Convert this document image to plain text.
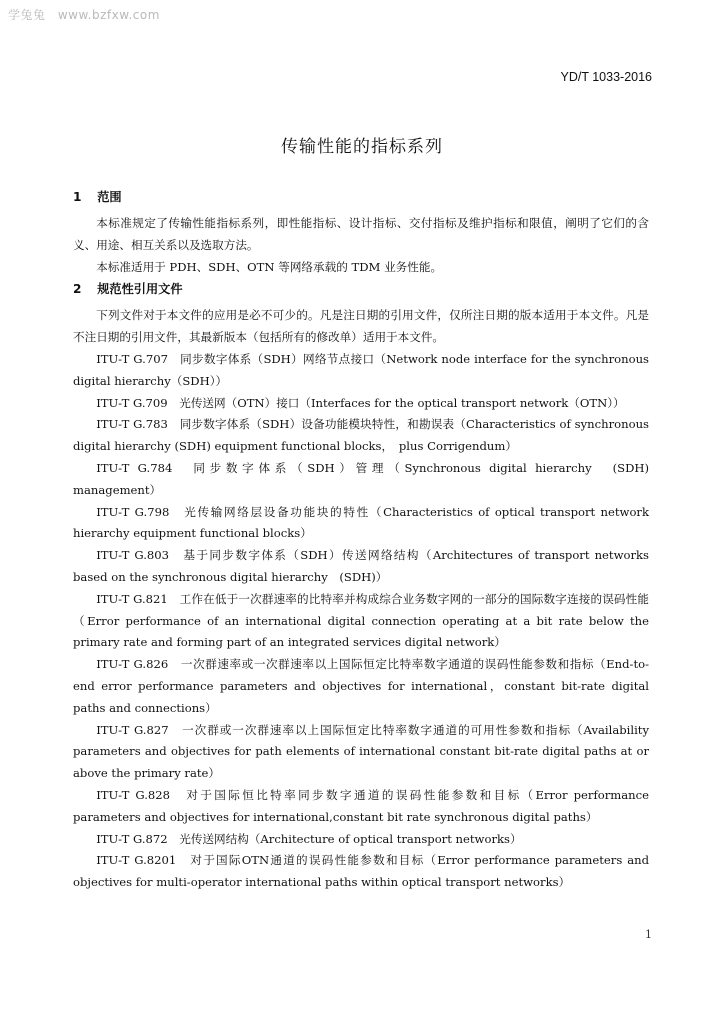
学兔兔 www.bzfxw.com
YD/T 1033-2016
传输性能的指标系列
1 范围

本标准规定了传输性能指标系列，即性能指标、设计指标、交付指标及维护指标和限值，阐明了它们的含义、用途、相互关系以及选取方法。

本标准适用于 PDH、SDH、OTN 等网络承载的 TDM 业务性能。

2 规范性引用文件

下列文件对于本文件的应用是必不可少的。凡是注日期的引用文件，仅所注日期的版本适用于本文件。凡是不注日期的引用文件，其最新版本（包括所有的修改单）适用于本文件。

ITU-T G.707　同步数字体系（SDH）网络节点接口（Network node interface for the synchronous digital hierarchy（SDH））

ITU-T G.709　光传送网（OTN）接口（Interfaces for the optical transport network（OTN））

ITU-T G.783　同步数字体系（SDH）设备功能模块特性，和勘误表（Characteristics of synchronous digital hierarchy (SDH) equipment functional blocks，　plus Corrigendum）

ITU-T G.784　同步数字体系（SDH）管理（Synchronous digital hierarchy　(SDH)　management）

ITU-T G.798　光传输网络层设备功能块的特性（Characteristics of optical transport network hierarchy equipment functional blocks）

ITU-T G.803　基于同步数字体系（SDH）传送网络结构（Architectures of transport networks based on the synchronous digital hierarchy　(SDH)）

ITU-T G.821　工作在低于一次群速率的比特率并构成综合业务数字网的一部分的国际数字连接的误码性能（Error performance of an international digital connection operating at a bit rate below the primary rate and forming part of an integrated services digital network）

ITU-T G.826　一次群速率或一次群速率以上国际恒定比特率数字通道的误码性能参数和指标（End-to-end error performance parameters and objectives for international，constant bit-rate digital paths and connections）

ITU-T G.827　一次群或一次群速率以上国际恒定比特率数字通道的可用性参数和指标（Availability parameters and objectives for path elements of international constant bit-rate digital paths at or above the primary rate）

ITU-T G.828　对于国际恒比特率同步数字通道的误码性能参数和目标（Error performance parameters and objectives for international,constant bit rate synchronous digital paths）

ITU-T G.872　光传送网结构（Architecture of optical transport networks）

ITU-T G.8201　对于国际OTN通道的误码性能参数和目标（Error performance parameters and objectives for multi-operator international paths within optical transport networks）

1
